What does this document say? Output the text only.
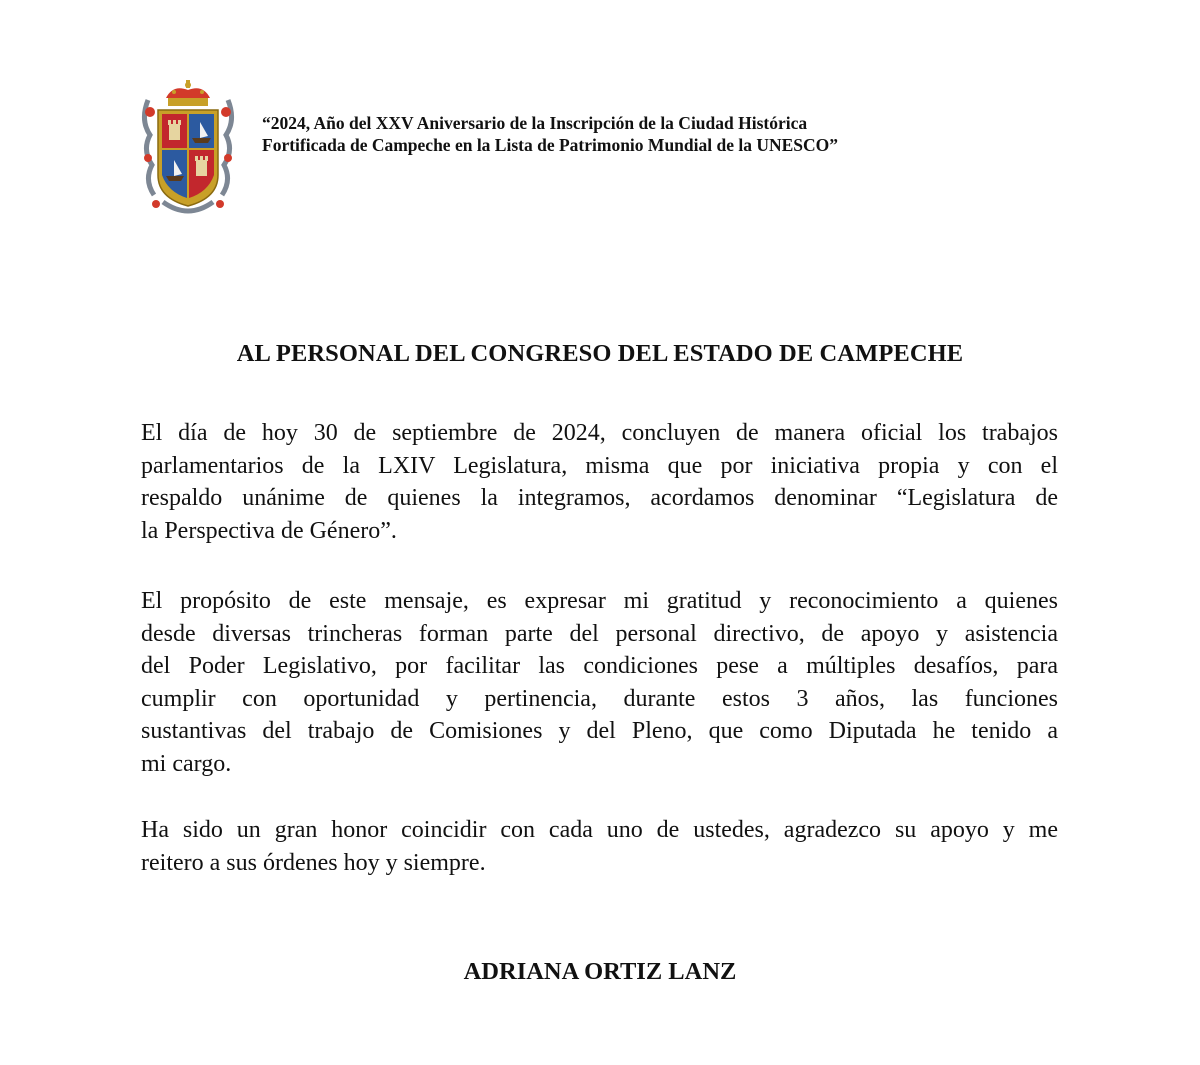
“2024, Año del XXV Aniversario de la Inscripción de la Ciudad Histórica
Fortificada de Campeche en la Lista de Patrimonio Mundial de la UNESCO”
AL PERSONAL DEL CONGRESO DEL ESTADO DE CAMPECHE
El día de hoy 30 de septiembre de 2024, concluyen de manera oficial los trabajos
parlamentarios de la LXIV Legislatura, misma que por iniciativa propia y con el
respaldo unánime de quienes la integramos, acordamos denominar “Legislatura de
la Perspectiva de Género”.
El propósito de este mensaje, es expresar mi gratitud y reconocimiento a quienes
desde diversas trincheras forman parte del personal directivo, de apoyo y asistencia
del Poder Legislativo, por facilitar las condiciones pese a múltiples desafíos, para
cumplir con oportunidad y pertinencia, durante estos 3 años, las funciones
sustantivas del trabajo de Comisiones y del Pleno, que como Diputada he tenido a
mi cargo.
Ha sido un gran honor coincidir con cada uno de ustedes, agradezco su apoyo y me
reitero a sus órdenes hoy y siempre.
ADRIANA ORTIZ LANZ
